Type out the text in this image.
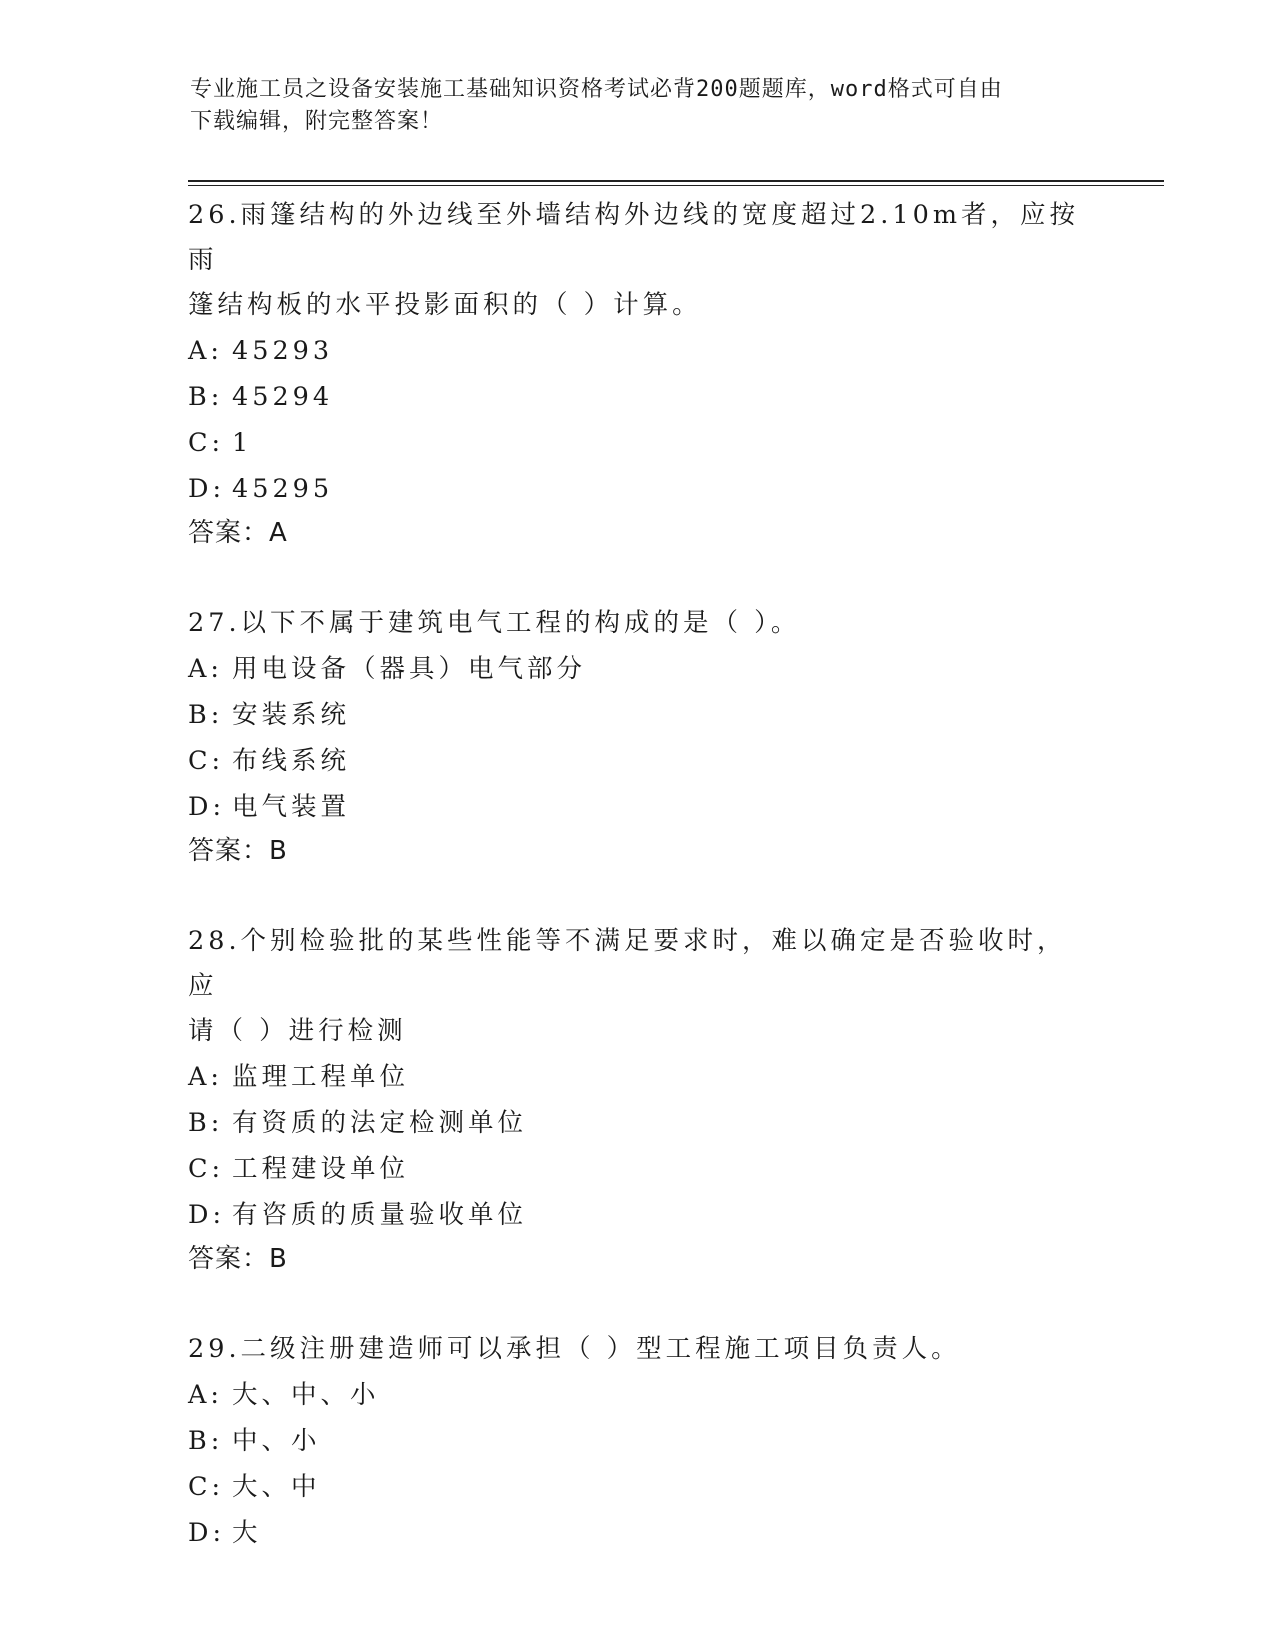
专业施工员之设备安装施工基础知识资格考试必背200题题库，word格式可自由

下载编辑，附完整答案！

26.雨篷结构的外边线至外墙结构外边线的宽度超过2.10m者，应按雨
篷结构板的水平投影面积的（ ）计算。

A: 45293

B: 45294

C: 1

D: 45295

答案：A

27.以下不属于建筑电气工程的构成的是（ ）。

A: 用电设备（器具）电气部分

B: 安装系统

C: 布线系统

D: 电气装置

答案：B

28.个别检验批的某些性能等不满足要求时，难以确定是否验收时，应
请（ ）进行检测

A: 监理工程单位

B: 有资质的法定检测单位

C: 工程建设单位

D: 有咨质的质量验收单位

答案：B

29.二级注册建造师可以承担（ ）型工程施工项目负责人。

A: 大、中、小

B: 中、小

C: 大、中

D: 大
